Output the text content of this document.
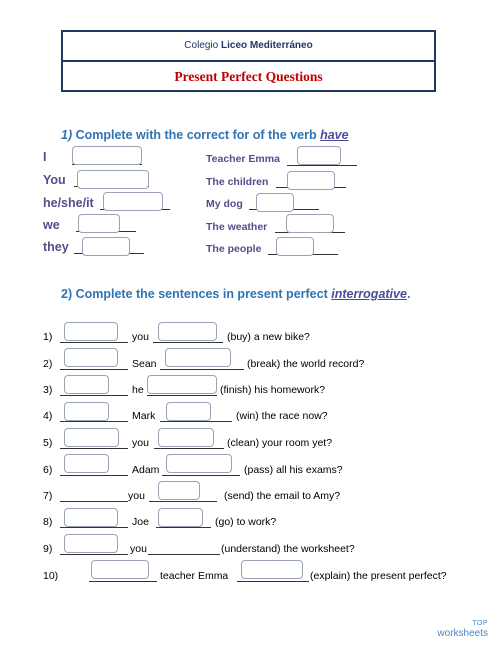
Colegio Liceo Mediterráneo
Present Perfect Questions
1) Complete with the correct for of the verb have
I
You
he/she/it
we
they
Teacher Emma
The children
My dog
The weather
The people
2) Complete the sentences in present perfect interrogative.
1)	you	(buy) a new bike?
2)	Sean	(break) the world record?
3)	he	(finish) his homework?
4)	Mark	(win) the race now?
5)	you	(clean) your room yet?
6)	Adam	(pass) all his exams?
7)	you	(send) the email to Amy?
8)	Joe	(go) to work?
9)	you	(understand) the worksheet?
10)	teacher Emma	(explain) the present perfect?
TOP
worksheets
